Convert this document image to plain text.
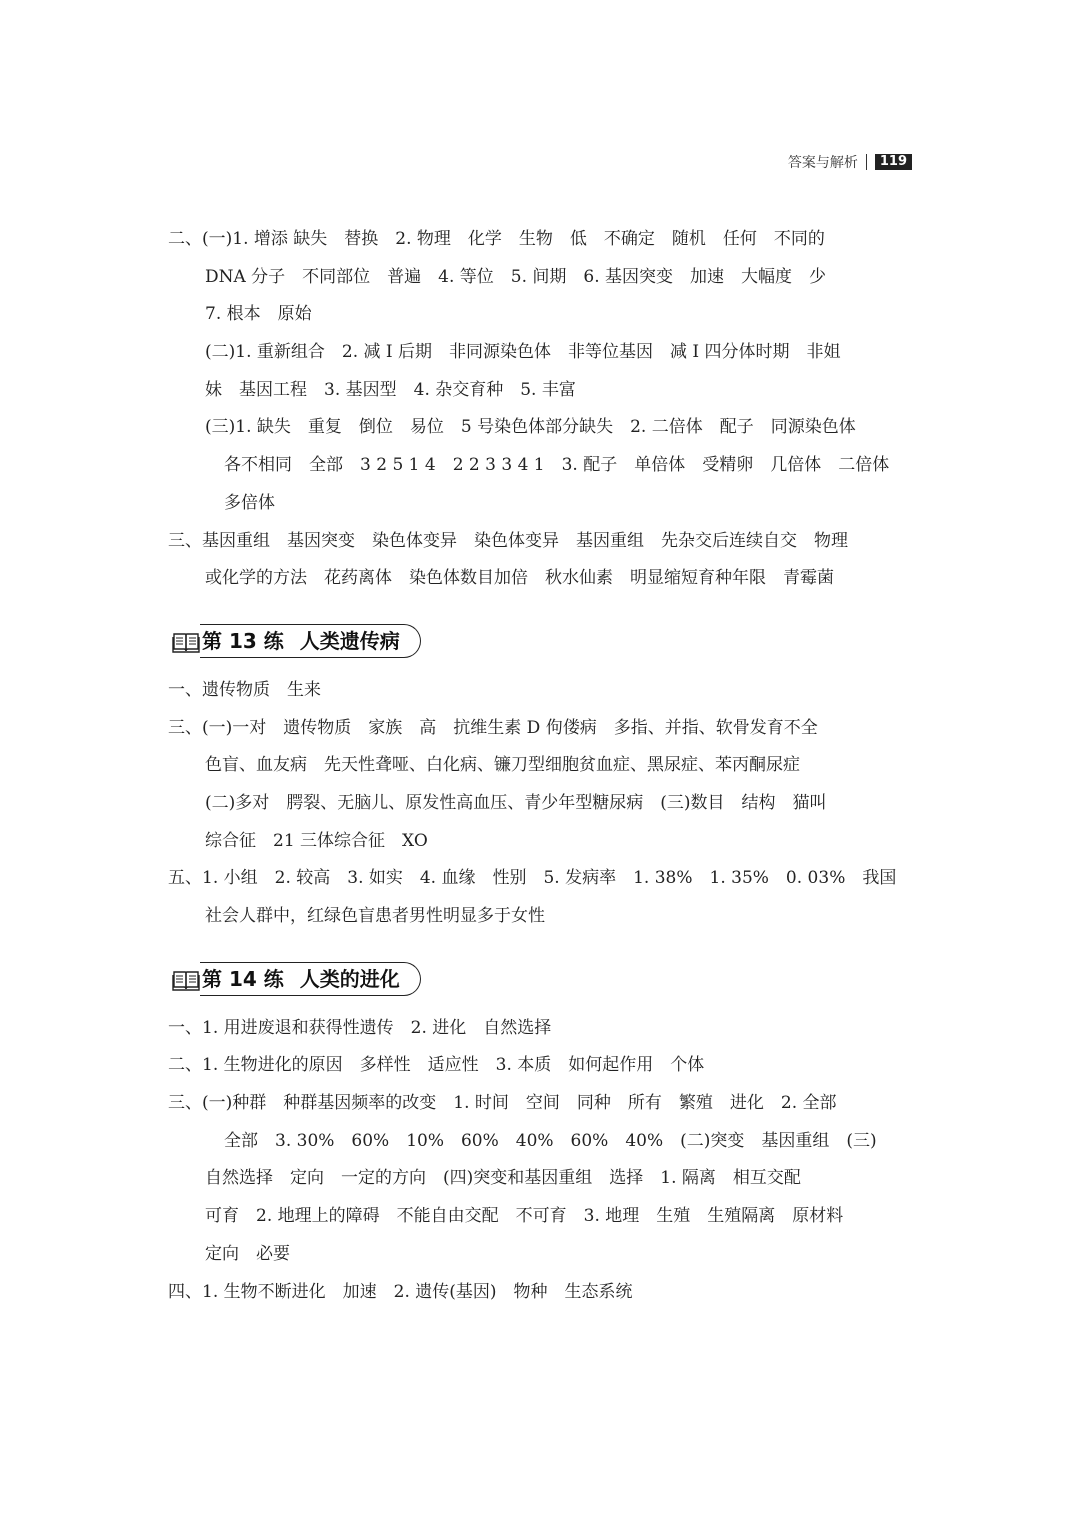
答案与解析	119
二、(一)1. 增添 缺失　替换　2. 物理　化学　生物　低　不确定　随机　任何　不同的
DNA 分子　不同部位　普遍　4. 等位　5. 间期　6. 基因突变　加速　大幅度　少
7. 根本　原始
(二)1. 重新组合　2. 减 I 后期　非同源染色体　非等位基因　减 I 四分体时期　非姐
妹　基因工程　3. 基因型　4. 杂交育种　5. 丰富
(三)1. 缺失　重复　倒位　易位　5 号染色体部分缺失　2. 二倍体　配子　同源染色体
各不相同　全部　3 2 5 1 4　2 2 3 3 4 1　3. 配子　单倍体　受精卵　几倍体　二倍体
多倍体
三、基因重组　基因突变　染色体变异　染色体变异　基因重组　先杂交后连续自交　物理
或化学的方法　花药离体　染色体数目加倍　秋水仙素　明显缩短育种年限　青霉菌
第 13 练 人类遗传病
一、遗传物质　生来
三、(一)一对　遗传物质　家族　高　抗维生素 D 佝偻病　多指、并指、软骨发育不全
色盲、血友病　先天性聋哑、白化病、镰刀型细胞贫血症、黑尿症、苯丙酮尿症
(二)多对　腭裂、无脑儿、原发性高血压、青少年型糖尿病　(三)数目　结构　猫叫
综合征　21 三体综合征　XO
五、1. 小组　2. 较高　3. 如实　4. 血缘　性别　5. 发病率　1. 38%　1. 35%　0. 03%　我国
社会人群中，红绿色盲患者男性明显多于女性
第 14 练 人类的进化
一、1. 用进废退和获得性遗传　2. 进化　自然选择
二、1. 生物进化的原因　多样性　适应性　3. 本质　如何起作用　个体
三、(一)种群　种群基因频率的改变　1. 时间　空间　同种　所有　繁殖　进化　2. 全部
全部　3. 30%　60%　10%　60%　40%　60%　40%　(二)突变　基因重组　(三)
自然选择　定向　一定的方向　(四)突变和基因重组　选择　1. 隔离　相互交配
可育　2. 地理上的障碍　不能自由交配　不可育　3. 地理　生殖　生殖隔离　原材料
定向　必要
四、1. 生物不断进化　加速　2. 遗传(基因)　物种　生态系统
